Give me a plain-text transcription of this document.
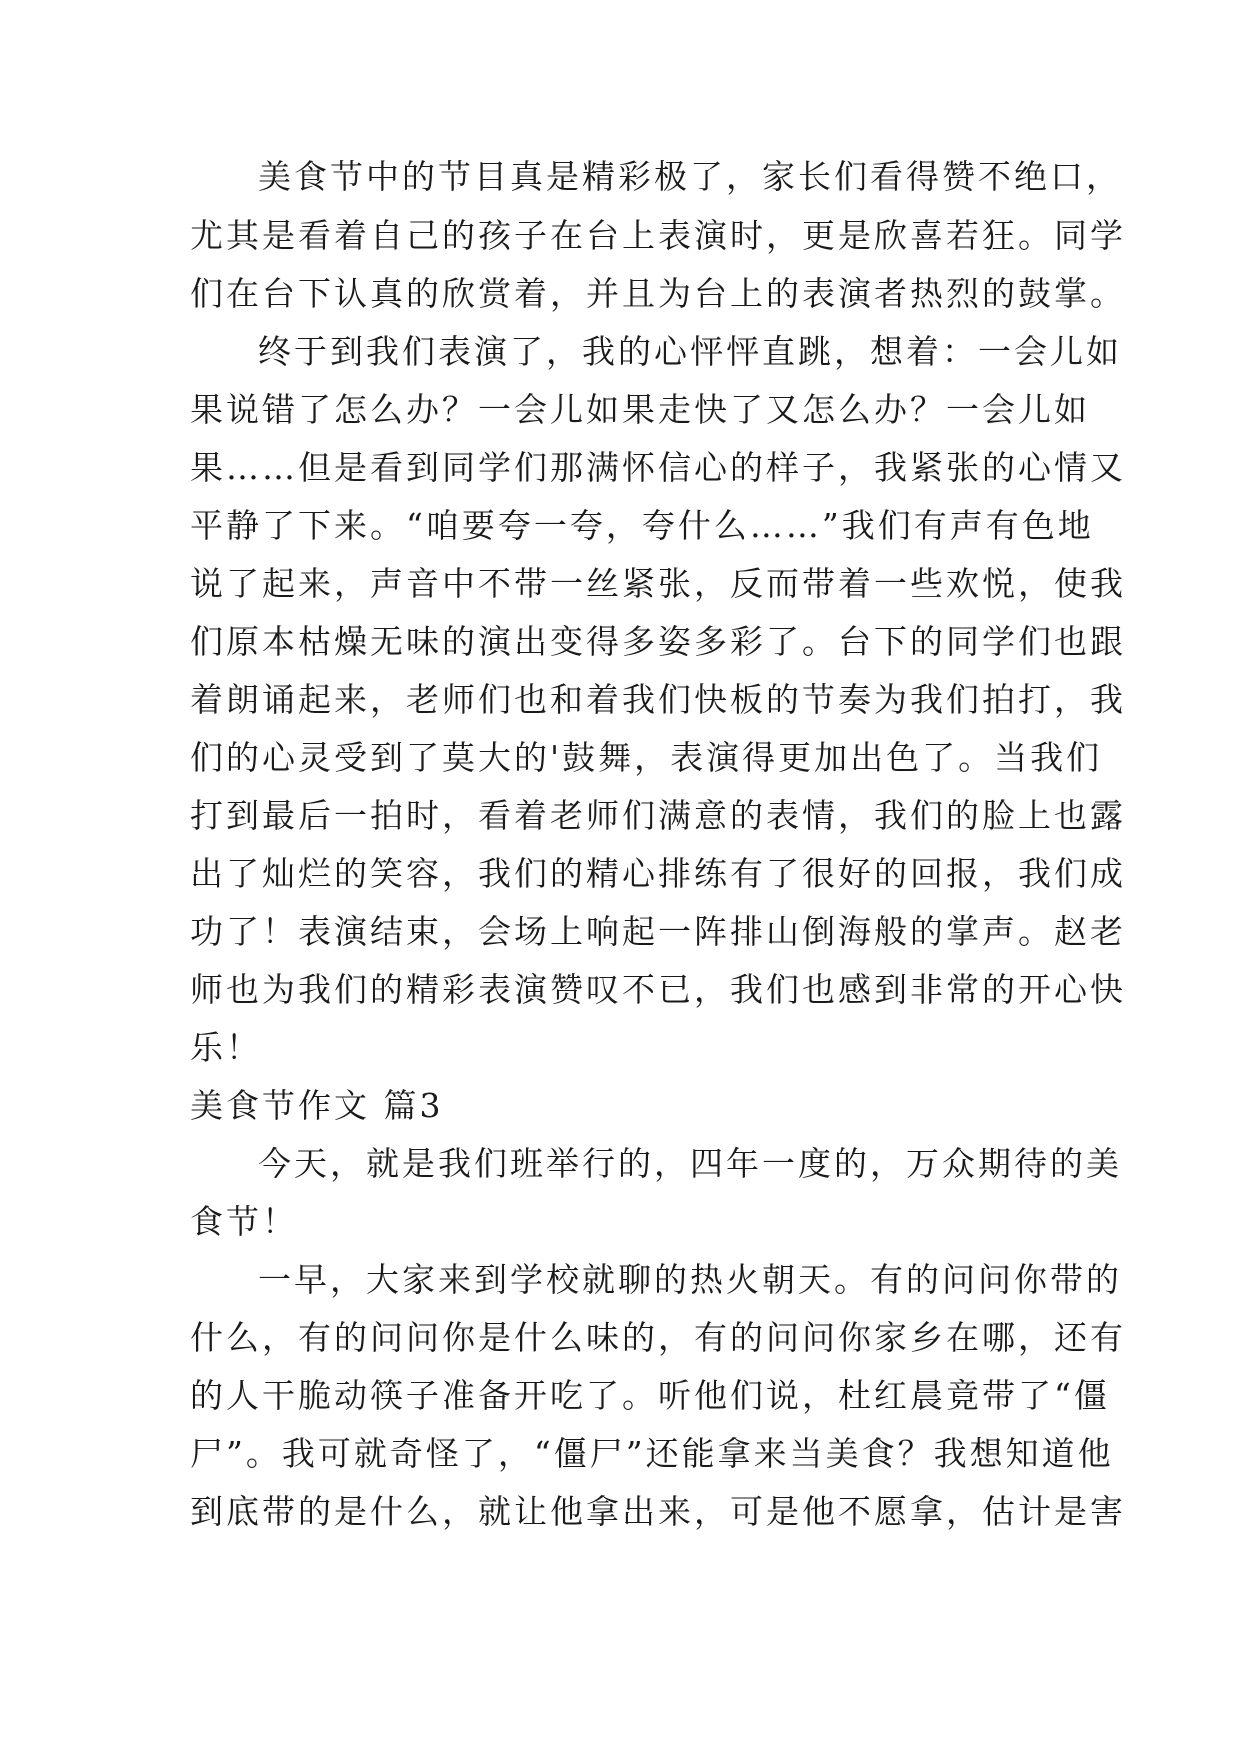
美食节中的节目真是精彩极了，家长们看得赞不绝口，
尤其是看着自己的孩子在台上表演时，更是欣喜若狂。同学
们在台下认真的欣赏着，并且为台上的表演者热烈的鼓掌。
终于到我们表演了，我的心怦怦直跳，想着：一会儿如
果说错了怎么办？一会儿如果走快了又怎么办？一会儿如
果……但是看到同学们那满怀信心的样子，我紧张的心情又
平静了下来。“咱要夸一夸，夸什么……”我们有声有色地
说了起来，声音中不带一丝紧张，反而带着一些欢悦，使我
们原本枯燥无味的演出变得多姿多彩了。台下的同学们也跟
着朗诵起来，老师们也和着我们快板的节奏为我们拍打，我
们的心灵受到了莫大的'鼓舞，表演得更加出色了。当我们
打到最后一拍时，看着老师们满意的表情，我们的脸上也露
出了灿烂的笑容，我们的精心排练有了很好的回报，我们成
功了！表演结束，会场上响起一阵排山倒海般的掌声。赵老
师也为我们的精彩表演赞叹不已，我们也感到非常的开心快
乐！
美食节作文 篇3
今天，就是我们班举行的，四年一度的，万众期待的美
食节！
一早，大家来到学校就聊的热火朝天。有的问问你带的
什么，有的问问你是什么味的，有的问问你家乡在哪，还有
的人干脆动筷子准备开吃了。听他们说，杜红晨竟带了“僵
尸”。我可就奇怪了，“僵尸”还能拿来当美食？我想知道他
到底带的是什么，就让他拿出来，可是他不愿拿，估计是害
